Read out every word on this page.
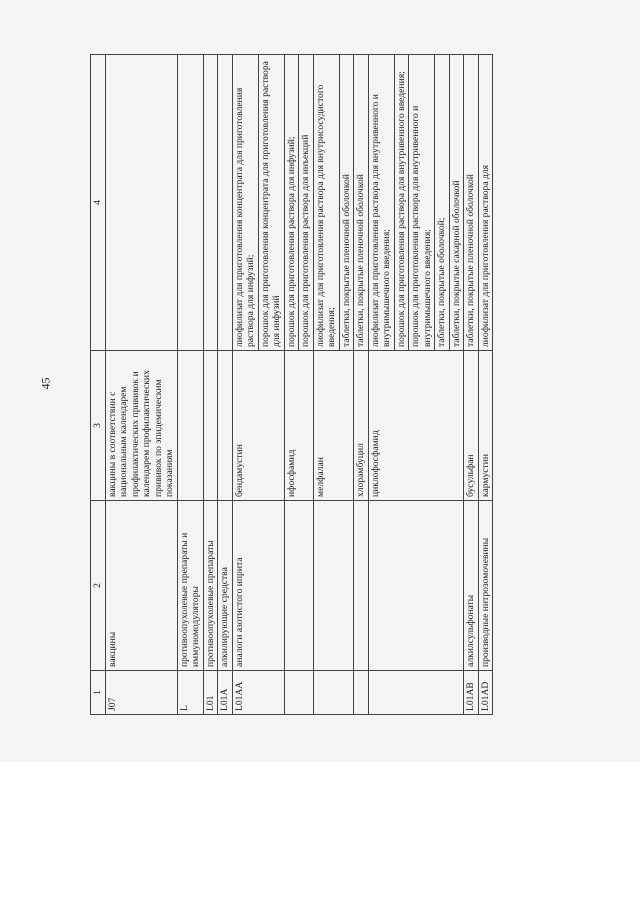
45
1	2	3	4
J07	вакцины	вакцины в соответствии с национальным календарем профилактических прививок и календарем профилактических прививок по эпидемическим показаниям	
L	противоопухолевые препараты и иммуномодуляторы		
L01	противоопухолевые препараты		
L01A	алкилирующие средства		
L01AA	аналоги азотистого иприта	бендамустин	лиофилизат для приготовления концентрата для приготовления раствора для инфузий;
			порошок для приготовления концентрата для приготовления раствора для инфузий
		ифосфамид	порошок для приготовления раствора для инфузий;
			порошок для приготовления раствора для инъекций
		мелфалан	лиофилизат для приготовления раствора для внутрисосудистого введения;
			таблетки, покрытые пленочной оболочкой
		хлорамбуцил	таблетки, покрытые пленочной оболочкой
		циклофосфамид	лиофилизат для приготовления раствора для внутривенного и внутримышечного введения;
			порошок для приготовления раствора для внутривенного введения;
			порошок для приготовления раствора для внутривенного и внутримышечного введения;
			таблетки, покрытые оболочкой;
			таблетки, покрытые сахарной оболочкой
L01AB	алкилсульфонаты	бусульфан	таблетки, покрытые пленочной оболочкой
L01AD	производные нитрозомочевины	кармустин	лиофилизат для приготовления раствора для
